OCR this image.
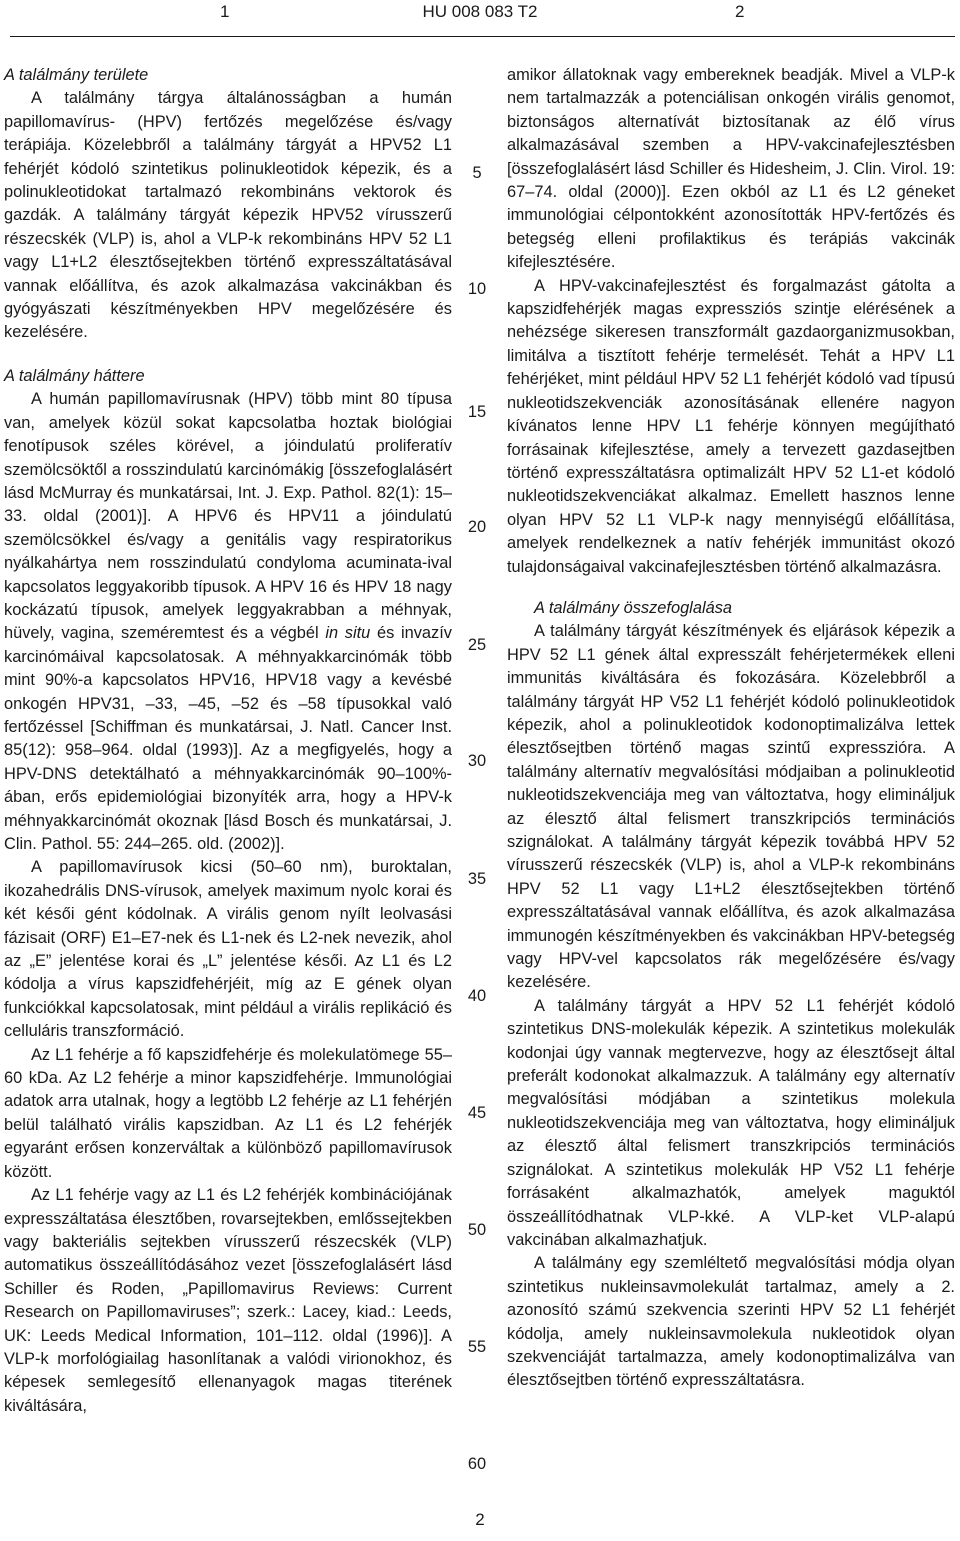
1	HU 008 083 T2	2

A találmány területe

A találmány tárgya általánosságban a humán papillomavírus- (HPV) fertőzés megelőzése és/vagy terápiája. Közelebbről a találmány tárgyát a HPV52 L1 fehérjét kódoló szintetikus polinukleotidok képezik, és a polinukleotidokat tartalmazó rekombináns vektorok és gazdák. A találmány tárgyát képezik HPV52 vírusszerű részecskék (VLP) is, ahol a VLP-k rekombináns HPV 52 L1 vagy L1+L2 élesztősejtekben történő expresszáltatásával vannak előállítva, és azok alkalmazása vakcinákban és gyógyászati készítményekben HPV megelőzésére és kezelésére.

A találmány háttere

A humán papillomavírusnak (HPV) több mint 80 típusa van, amelyek közül sokat kapcsolatba hoztak biológiai fenotípusok széles körével, a jóindulatú proliferatív szemölcsöktől a rosszindulatú karcinómákig [összefoglalásért lásd McMurray és munkatársai, Int. J. Exp. Pathol. 82(1): 15–33. oldal (2001)]. A HPV6 és HPV11 a jóindulatú szemölcsökkel és/vagy a genitális vagy respiratorikus nyálkahártya nem rosszindulatú condyloma acuminata-ival kapcsolatos leggyakoribb típusok. A HPV 16 és HPV 18 nagy kockázatú típusok, amelyek leggyakrabban a méhnyak, hüvely, vagina, szeméremtest és a végbél in situ és invazív karcinómáival kapcsolatosak. A méhnyakkarcinómák több mint 90%-a kapcsolatos HPV16, HPV18 vagy a kevésbé onkogén HPV31, –33, –45, –52 és –58 típusokkal való fertőzéssel [Schiffman és munkatársai, J. Natl. Cancer Inst. 85(12): 958–964. oldal (1993)]. Az a megfigyelés, hogy a HPV-DNS detektálható a méhnyakkarcinómák 90–100%-ában, erős epidemiológiai bizonyíték arra, hogy a HPV-k méhnyakkarcinómát okoznak [lásd Bosch és munkatársai, J. Clin. Pathol. 55: 244–265. old. (2002)].

A papillomavírusok kicsi (50–60 nm), buroktalan, ikozahedrális DNS-vírusok, amelyek maximum nyolc korai és két késői gént kódolnak. A virális genom nyílt leolvasási fázisait (ORF) E1–E7-nek és L1-nek és L2-nek nevezik, ahol az „E” jelentése korai és „L” jelentése késői. Az L1 és L2 kódolja a vírus kapszidfehérjéit, míg az E gének olyan funkciókkal kapcsolatosak, mint például a virális replikáció és celluláris transzformáció.

Az L1 fehérje a fő kapszidfehérje és molekulatömege 55–60 kDa. Az L2 fehérje a minor kapszidfehérje. Immunológiai adatok arra utalnak, hogy a legtöbb L2 fehérje az L1 fehérjén belül található virális kapszidban. Az L1 és L2 fehérjék egyaránt erősen konzerváltak a különböző papillomavírusok között.

Az L1 fehérje vagy az L1 és L2 fehérjék kombinációjának expresszáltatása élesztőben, rovarsejtekben, emlőssejtekben vagy bakteriális sejtekben vírusszerű részecskék (VLP) automatikus összeállítódásához vezet [összefoglalásért lásd Schiller és Roden, „Papillomavirus Reviews: Current Research on Papillomaviruses”; szerk.: Lacey, kiad.: Leeds, UK: Leeds Medical Information, 101–112. oldal (1996)]. A VLP-k morfológiailag hasonlítanak a valódi virionokhoz, és képesek semlegesítő ellenanyagok magas titerének kiváltására,

amikor állatoknak vagy embereknek beadják. Mivel a VLP-k nem tartalmazzák a potenciálisan onkogén virális genomot, biztonságos alternatívát biztosítanak az élő vírus alkalmazásával szemben a HPV-vakcinafejlesztésben [összefoglalásért lásd Schiller és Hidesheim, J. Clin. Virol. 19: 67–74. oldal (2000)]. Ezen okból az L1 és L2 géneket immunológiai célpontokként azonosították HPV-fertőzés és betegség elleni profilaktikus és terápiás vakcinák kifejlesztésére.

A HPV-vakcinafejlesztést és forgalmazást gátolta a kapszidfehérjék magas expressziós szintje elérésének a nehézsége sikeresen transzformált gazdaorganizmusokban, limitálva a tisztított fehérje termelését. Tehát a HPV L1 fehérjéket, mint például HPV 52 L1 fehérjét kódoló vad típusú nukleotidszekvenciák azonosításának ellenére nagyon kívánatos lenne HPV L1 fehérje könnyen megújítható forrásainak kifejlesztése, amely a tervezett gazdasejtben történő expresszáltatásra optimalizált HPV 52 L1-et kódoló nukleotidszekvenciákat alkalmaz. Emellett hasznos lenne olyan HPV 52 L1 VLP-k nagy mennyiségű előállítása, amelyek rendelkeznek a natív fehérjék immunitást okozó tulajdonságaival vakcinafejlesztésben történő alkalmazásra.

A találmány összefoglalása

A találmány tárgyát készítmények és eljárások képezik a HPV 52 L1 gének által expresszált fehérjetermékek elleni immunitás kiváltására és fokozására. Közelebbről a találmány tárgyát HP V52 L1 fehérjét kódoló polinukleotidok képezik, ahol a polinukleotidok kodonoptimalizálva lettek élesztősejtben történő magas szintű expresszióra. A találmány alternatív megvalósítási módjaiban a polinukleotid nukleotidszekvenciája meg van változtatva, hogy elimináljuk az élesztő által felismert transzkripciós terminációs szignálokat. A találmány tárgyát képezik továbbá HPV 52 vírusszerű részecskék (VLP) is, ahol a VLP-k rekombináns HPV 52 L1 vagy L1+L2 élesztősejtekben történő expresszáltatásával vannak előállítva, és azok alkalmazása immunogén készítményekben és vakcinákban HPV-betegség vagy HPV-vel kapcsolatos rák megelőzésére és/vagy kezelésére.

A találmány tárgyát a HPV 52 L1 fehérjét kódoló szintetikus DNS-molekulák képezik. A szintetikus molekulák kodonjai úgy vannak megtervezve, hogy az élesztősejt által preferált kodonokat alkalmazzuk. A találmány egy alternatív megvalósítási módjában a szintetikus molekula nukleotidszekvenciája meg van változtatva, hogy elimináljuk az élesztő által felismert transzkripciós terminációs szignálokat. A szintetikus molekulák HP V52 L1 fehérje forrásaként alkalmazhatók, amelyek maguktól összeállítódhatnak VLP-kké. A VLP-ket VLP-alapú vakcinában alkalmazhatjuk.

A találmány egy szemléltető megvalósítási módja olyan szintetikus nukleinsavmolekulát tartalmaz, amely a 2. azonosító számú szekvencia szerinti HPV 52 L1 fehérjét kódolja, amely nukleinsavmolekula nukleotidok olyan szekvenciáját tartalmazza, amely kodonoptimalizálva van élesztősejtben történő expresszáltatásra.

5
10
15
20
25
30
35
40
45
50
55
60
2
